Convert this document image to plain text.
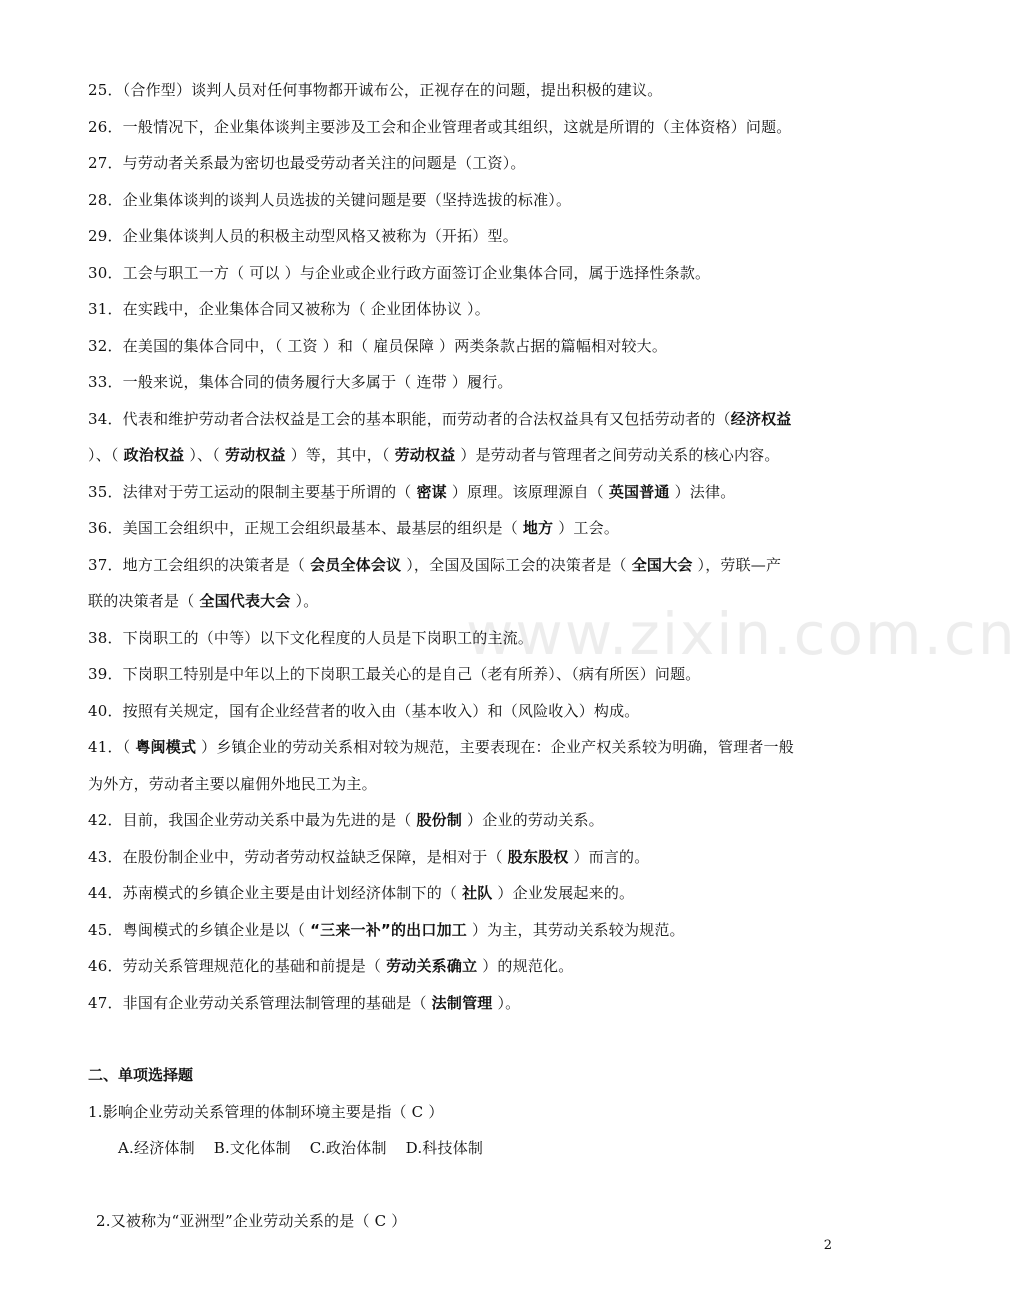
www.zixin.com.cn
25．（合作型）谈判人员对任何事物都开诚布公，正视存在的问题，提出积极的建议。
26．一般情况下，企业集体谈判主要涉及工会和企业管理者或其组织，这就是所谓的（主体资格）问题。
27．与劳动者关系最为密切也最受劳动者关注的问题是（工资）。
28．企业集体谈判的谈判人员选拔的关键问题是要（坚持选拔的标准）。
29．企业集体谈判人员的积极主动型风格又被称为（开拓）型。
30．工会与职工一方（ 可以 ）与企业或企业行政方面签订企业集体合同，属于选择性条款。
31．在实践中，企业集体合同又被称为（ 企业团体协议 ）。
32．在美国的集体合同中，（ 工资 ）和（ 雇员保障 ）两类条款占据的篇幅相对较大。
33．一般来说，集体合同的债务履行大多属于（ 连带 ）履行。
34．代表和维护劳动者合法权益是工会的基本职能，而劳动者的合法权益具有又包括劳动者的（经济权益
）、（ 政治权益 ）、（ 劳动权益 ）等，其中，（ 劳动权益 ）是劳动者与管理者之间劳动关系的核心内容。
35．法律对于劳工运动的限制主要基于所谓的（ 密谋 ）原理。该原理源自（ 英国普通 ）法律。
36．美国工会组织中，正规工会组织最基本、最基层的组织是（ 地方 ）工会。
37．地方工会组织的决策者是（ 会员全体会议 ），全国及国际工会的决策者是（ 全国大会 ），劳联—产
联的决策者是（ 全国代表大会 ）。
38．下岗职工的（中等）以下文化程度的人员是下岗职工的主流。
39．下岗职工特别是中年以上的下岗职工最关心的是自己（老有所养）、（病有所医）问题。
40．按照有关规定，国有企业经营者的收入由（基本收入）和（风险收入）构成。
41．（ 粤闽模式 ）乡镇企业的劳动关系相对较为规范，主要表现在：企业产权关系较为明确，管理者一般
为外方，劳动者主要以雇佣外地民工为主。
42．目前，我国企业劳动关系中最为先进的是（ 股份制 ）企业的劳动关系。
43．在股份制企业中，劳动者劳动权益缺乏保障，是相对于（ 股东股权 ）而言的。
44．苏南模式的乡镇企业主要是由计划经济体制下的（ 社队 ）企业发展起来的。
45．粤闽模式的乡镇企业是以（ “三来一补”的出口加工 ）为主，其劳动关系较为规范。
46．劳动关系管理规范化的基础和前提是（ 劳动关系确立 ）的规范化。
47．非国有企业劳动关系管理法制管理的基础是（ 法制管理 ）。
二、单项选择题
1.影响企业劳动关系管理的体制环境主要是指（ C ）
A.经济体制 B.文化体制 C.政治体制 D.科技体制
2.又被称为“亚洲型”企业劳动关系的是（ C ）
2
